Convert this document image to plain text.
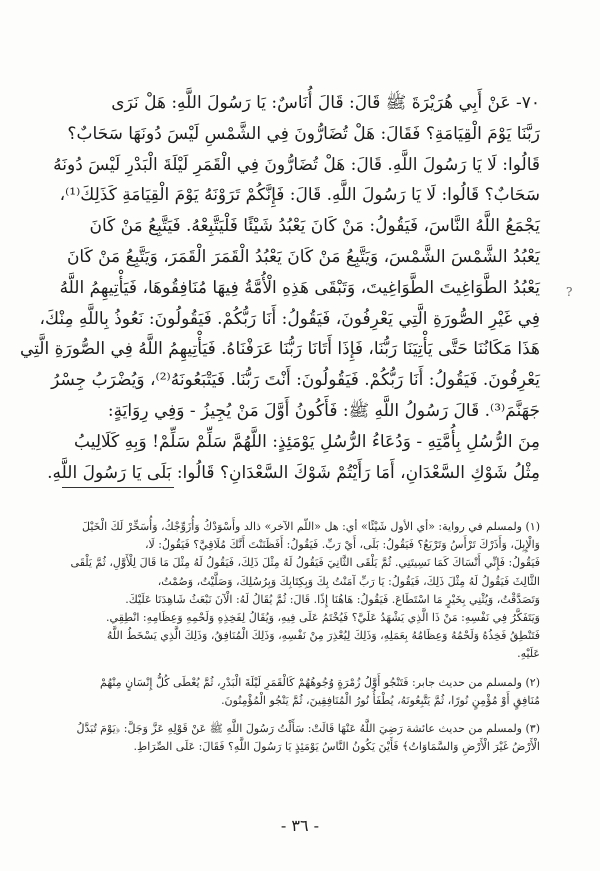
٧٠- عَنْ أَبِي هُرَيْرَةَ ﷺ قَالَ: قَالَ أُنَاسٌ: يَا رَسُولَ اللَّهِ: هَلْ نَرَى

رَبَّنَا يَوْمَ الْقِيَامَةِ؟ فَقَالَ: هَلْ تُضَارُّونَ فِي الشَّمْسِ لَيْسَ دُونَهَا سَحَابٌ؟

قَالُوا: لَا يَا رَسُولَ اللَّهِ. قَالَ: هَلْ تُضَارُّونَ فِي الْقَمَرِ لَيْلَةَ الْبَدْرِ لَيْسَ دُونَهُ

سَحَابٌ؟ قَالُوا: لَا يَا رَسُولَ اللَّهِ. قَالَ: فَإِنَّكُمْ تَرَوْنَهُ يَوْمَ الْقِيَامَةِ كَذَلِكَ⁽¹⁾،

يَجْمَعُ اللَّهُ النَّاسَ، فَيَقُولُ: مَنْ كَانَ يَعْبُدُ شَيْئًا فَلْيَتَّبِعْهُ. فَيَتَّبِعُ مَنْ كَانَ

يَعْبُدُ الشَّمْسَ الشَّمْسَ، وَيَتَّبِعُ مَنْ كَانَ يَعْبُدُ الْقَمَرَ الْقَمَرَ، وَيَتَّبِعُ مَنْ كَانَ

يَعْبُدُ الطَّوَاغِيتَ الطَّوَاغِيتَ، وَتَبْقَى هَذِهِ الْأُمَّةُ فِيهَا مُنَافِقُوهَا، فَيَأْتِيهِمُ اللَّهُ

فِي غَيْرِ الصُّورَةِ الَّتِي يَعْرِفُونَ، فَيَقُولُ: أَنَا رَبُّكُمْ. فَيَقُولُونَ: نَعُوذُ بِاللَّهِ مِنْكَ،

هَذَا مَكَانُنَا حَتَّى يَأْتِيَنَا رَبُّنَا، فَإِذَا أَتَانَا رَبُّنَا عَرَفْنَاهُ. فَيَأْتِيهِمُ اللَّهُ فِي الصُّورَةِ الَّتِي

يَعْرِفُونَ. فَيَقُولُ: أَنَا رَبُّكُمْ. فَيَقُولُونَ: أَنْتَ رَبُّنَا. فَيَتْبَعُونَهُ⁽²⁾، وَيُضْرَبُ جِسْرُ

جَهَنَّمَ⁽³⁾. قَالَ رَسُولُ اللَّهِ ﷺ: فَأَكُونُ أَوَّلَ مَنْ يُجِيزُ - وَفِي رِوَايَةٍ:

مِنَ الرُّسُلِ بِأُمَّتِهِ - وَدُعَاءُ الرُّسُلِ يَوْمَئِذٍ: اللَّهُمَّ سَلِّمْ سَلِّمْ! وَبِهِ كَلَالِيبُ

مِثْلُ شَوْكِ السَّعْدَانِ، أَمَا رَأَيْتُمْ شَوْكَ السَّعْدَانِ؟ قَالُوا: بَلَى يَا رَسُولَ اللَّهِ.

?

(١) ولمسلم في رواية: «أي الأول شَيْئًا» أي: هل «اللّم الآخر» ذالد وأَسْوَدْكُ وَأُزَوِّجْكُ، وَأُسَخِّرْ لَكَ الْخَيْلَ

وَالْإِبِلَ، وَأَذَرْكَ تَرْأَسُ وَتَرْبَعُ؟ فَيَقُولُ: بَلَى، أَيْ رَبِّ. فَيَقُولُ: أَفَظَنَنْتَ أَنَّكَ مُلَاقِيَّ؟ فَيَقُولُ: لَا،

فَيَقُولُ: فَإِنِّي أَنْسَاكَ كَمَا نَسِيتَنِي. ثُمَّ يَلْقَى الثَّانِيَ فَيَقُولُ لَهُ مِثْلَ ذَلِكَ، فَيَقُولُ لَهُ مِثْلَ مَا قَالَ لِلْأَوَّلِ، ثُمَّ يَلْقَى

الثَّالِثَ فَيَقُولُ لَهُ مِثْلَ ذَلِكَ، فَيَقُولُ: يَا رَبِّ آمَنْتُ بِكَ وَبِكِتَابِكَ وَبِرُسُلِكَ، وَصَلَّيْتُ، وَصُمْتُ،

وَتَصَدَّقْتُ، وَيُثْنِي بِخَيْرٍ مَا اسْتَطَاعَ. فَيَقُولُ: هَاهُنَا إِذًا. قَالَ: ثُمَّ يُقَالُ لَهُ: الْآنَ نَبْعَثُ شَاهِدَنَا عَلَيْكَ.

وَيَتَفَكَّرُ فِي نَفْسِهِ: مَنْ ذَا الَّذِي يَشْهَدُ عَلَيَّ؟ فَيُخْتَمُ عَلَى فِيهِ، وَيُقَالُ لِفَخِذِهِ وَلَحْمِهِ وَعِظَامِهِ: انْطِقِي.

فَتَنْطِقُ فَخِذُهُ وَلَحْمُهُ وَعِظَامُهُ بِعَمَلِهِ، وَذَلِكَ لِيُعْذِرَ مِنْ نَفْسِهِ، وَذَلِكَ الْمُنَافِقُ، وَذَلِكَ الَّذِي يَسْخَطُ اللَّهُ

عَلَيْهِ.

(٢) ولمسلم من حديث جابر: فَتَنْجُو أَوَّلُ زُمْرَةٍ وُجُوهُهُمْ كَالْقَمَرِ لَيْلَةَ الْبَدْرِ، ثُمَّ يُعْطَى كُلُّ إِنْسَانٍ مِنْهُمْ

مُنَافِقٍ أَوْ مُؤْمِنٍ نُورًا، ثُمَّ يَتَّبِعُونَهُ، يُطْفَأُ نُورُ الْمُنَافِقِينَ، ثُمَّ يَنْجُو الْمُؤْمِنُونَ.

(٣) ولمسلم من حديث عائشة رَضِيَ اللَّهُ عَنْهَا قَالَتْ: سَأَلْتُ رَسُولَ اللَّهِ ﷺ عَنْ قَوْلِهِ عَزَّ وَجَلَّ: ﴿يَوْمَ تُبَدَّلُ

الْأَرْضُ غَيْرَ الْأَرْضِ وَالسَّمَاوَاتُ﴾ فَأَيْنَ يَكُونُ النَّاسُ يَوْمَئِذٍ يَا رَسُولَ اللَّهِ؟ فَقَالَ: عَلَى الصِّرَاطِ.

- ٣٦ -
